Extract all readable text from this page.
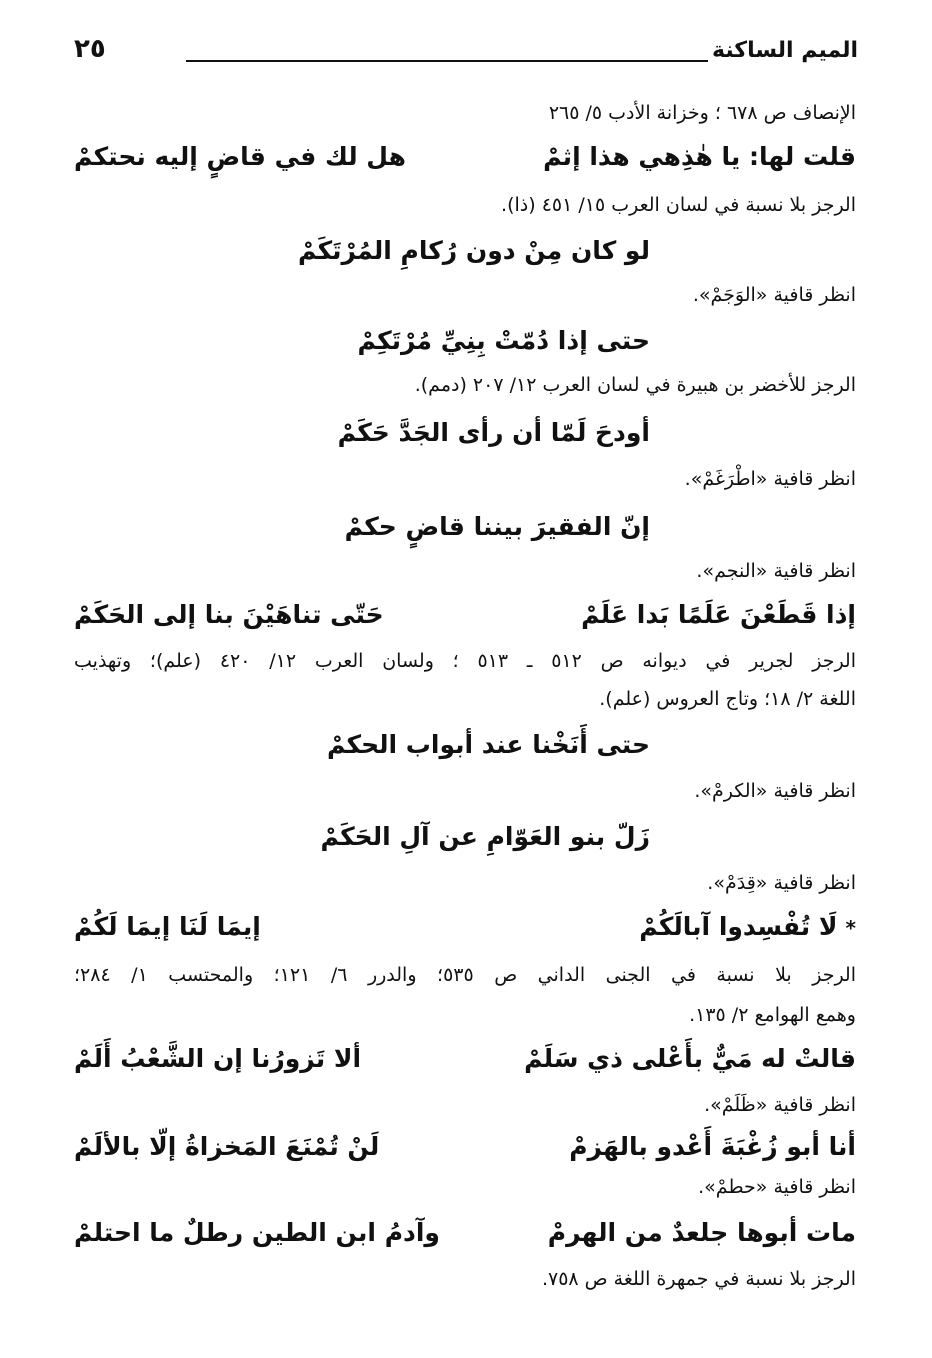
الميم الساكنة
٢٥
الإنصاف ص ٦٧٨ ؛ وخزانة الأدب ٥/ ٢٦٥
قلت لها: يا هٰذِهي هذا إثمْ
هل لك في قاضٍ إليه نحتكمْ
الرجز بلا نسبة في لسان العرب ١٥/ ٤٥١ (ذا).
لو كان مِنْ دون رُكامِ المُرْتَكَمْ
انظر قافية «الوَجَمْ».
حتى إذا دُمّتْ بِنِيِّ مُرْتَكِمْ
الرجز للأخضر بن هبيرة في لسان العرب ١٢/ ٢٠٧ (دمم).
أودحَ لَمّا أن رأى الجَدَّ حَكَمْ
انظر قافية «اطْرَغَمْ».
إنّ الفقيرَ بيننا قاضٍ حكمْ
انظر قافية «النجم».
إذا قَطَعْنَ عَلَمًا بَدا عَلَمْ
حَتّى تناهَيْنَ بنا إلى الحَكَمْ
الرجز لجرير في ديوانه ص ٥١٢ ـ ٥١٣ ؛ ولسان العرب ١٢/ ٤٢٠ (علم)؛ وتهذيب
اللغة ٢/ ١٨؛ وتاج العروس (علم).
حتى أَنَخْنا عند أبواب الحكمْ
انظر قافية «الكرمْ».
زَلّ بنو العَوّامِ عن آلِ الحَكَمْ
انظر قافية «قِدَمْ».
*لَا تُفْسِدوا آبالَكُمْ
إيمَا لَنَا إيمَا لَكُمْ
الرجز بلا نسبة في الجنى الداني ص ٥٣٥؛ والدرر ٦/ ١٢١؛ والمحتسب ١/ ٢٨٤؛
وهمع الهوامع ٢/ ١٣٥.
قالتْ له مَيٌّ بأَعْلى ذي سَلَمْ
ألا تَزورُنا إن الشَّعْبُ أَلَمْ
انظر قافية «ظَلَمْ».
أنا أبو زُغْبَةَ أَعْدو بالهَزمْ
لَنْ تُمْنَعَ المَخزاةُ إلّا بالألَمْ
انظر قافية «حطمْ».
مات أبوها جلعدٌ من الهرمْ
وآدمُ ابن الطين رطلٌ ما احتلمْ
الرجز بلا نسبة في جمهرة اللغة ص ٧٥٨.
